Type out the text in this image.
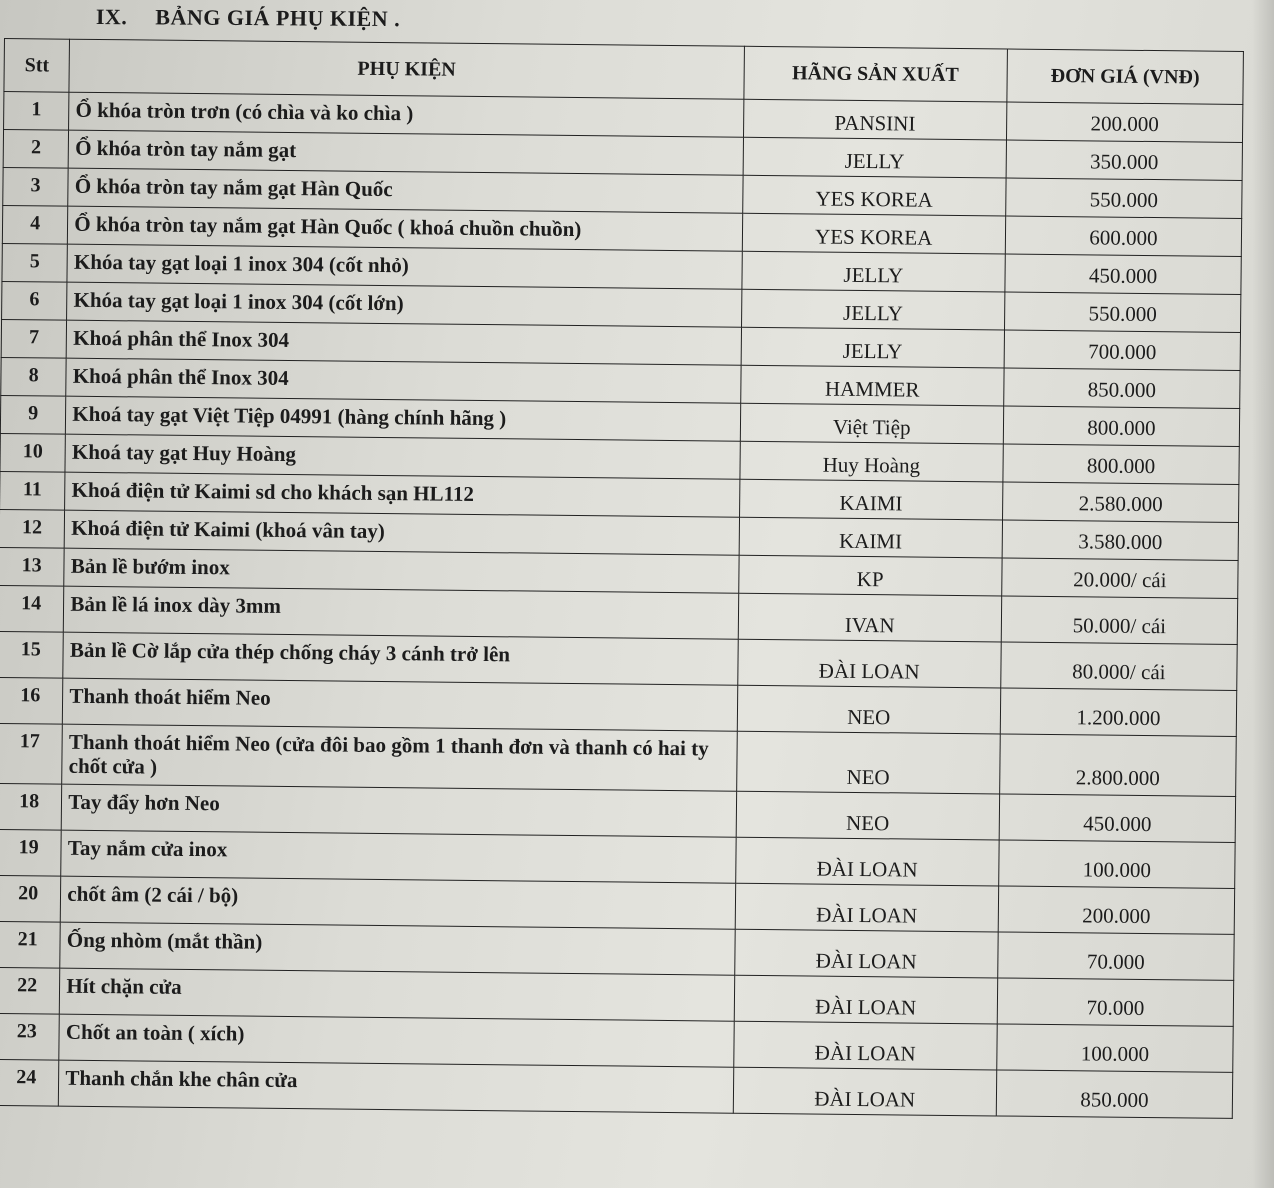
IX. BẢNG GIÁ PHỤ KIỆN .
Stt	PHỤ KIỆN	HÃNG SẢN XUẤT	ĐƠN GIÁ (VNĐ)
1	Ổ khóa tròn trơn (có chìa và ko chìa )	PANSINI	200.000
2	Ổ khóa tròn tay nắm gạt	JELLY	350.000
3	Ổ khóa tròn tay nắm gạt Hàn Quốc	YES KOREA	550.000
4	Ổ khóa tròn tay nắm gạt Hàn Quốc ( khoá chuồn chuồn)	YES KOREA	600.000
5	Khóa tay gạt loại 1 inox 304 (cốt nhỏ)	JELLY	450.000
6	Khóa tay gạt loại 1 inox 304 (cốt lớn)	JELLY	550.000
7	Khoá phân thể Inox 304	JELLY	700.000
8	Khoá phân thể Inox 304	HAMMER	850.000
9	Khoá tay gạt Việt Tiệp 04991 (hàng chính hãng )	Việt Tiệp	800.000
10	Khoá tay gạt Huy Hoàng	Huy Hoàng	800.000
11	Khoá điện tử Kaimi sd cho khách sạn HL112	KAIMI	2.580.000
12	Khoá điện tử Kaimi (khoá vân tay)	KAIMI	3.580.000
13	Bản lề bướm inox	KP	20.000/ cái
14	Bản lề lá inox dày 3mm	IVAN	50.000/ cái
15	Bản lề Cờ lắp cửa thép chống cháy 3 cánh trở lên	ĐÀI LOAN	80.000/ cái
16	Thanh thoát hiểm Neo	NEO	1.200.000
17	Thanh thoát hiểm Neo (cửa đôi bao gồm 1 thanh đơn và thanh có hai ty chốt cửa )	NEO	2.800.000
18	Tay đẩy hơn Neo	NEO	450.000
19	Tay nắm cửa inox	ĐÀI LOAN	100.000
20	chốt âm (2 cái / bộ)	ĐÀI LOAN	200.000
21	Ống nhòm (mắt thần)	ĐÀI LOAN	70.000
22	Hít chặn cửa	ĐÀI LOAN	70.000
23	Chốt an toàn ( xích)	ĐÀI LOAN	100.000
24	Thanh chắn khe chân cửa	ĐÀI LOAN	850.000
